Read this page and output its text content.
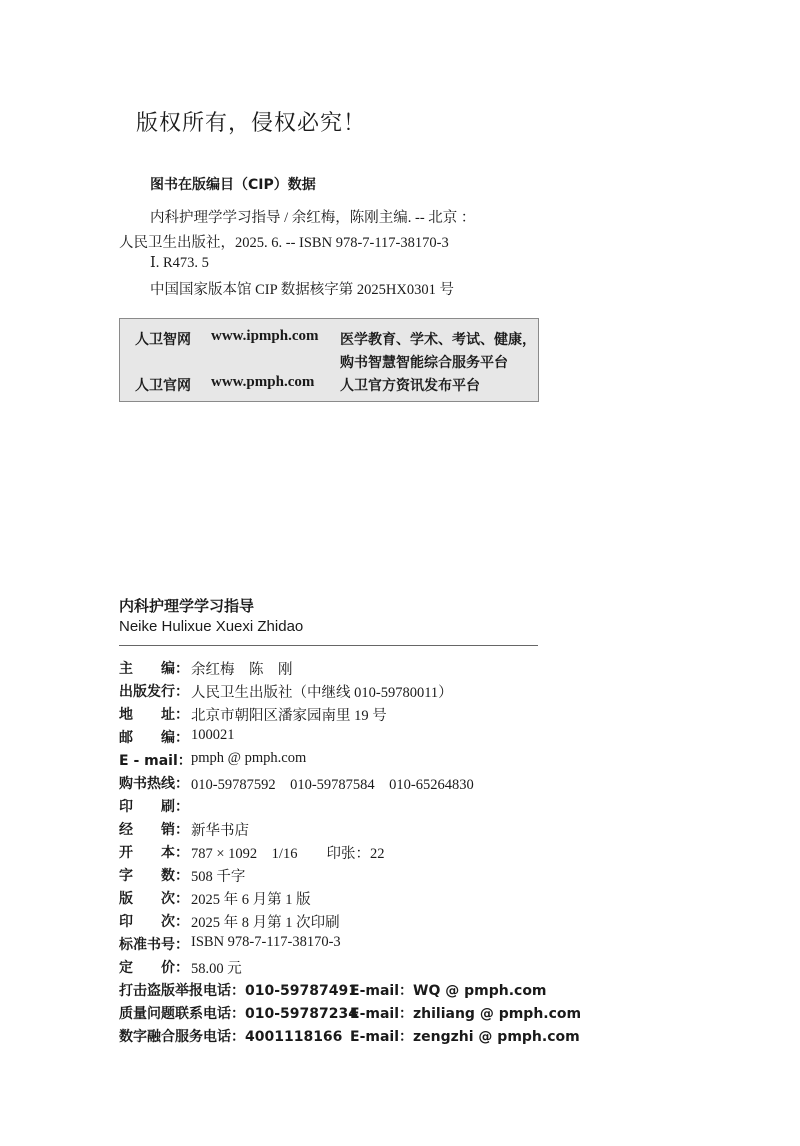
版权所有，侵权必究！
图书在版编目（CIP）数据
内科护理学学习指导 / 余红梅，陈刚主编. -- 北京 ：
人民卫生出版社，2025. 6. -- ISBN 978-7-117-38170-3
Ⅰ. R473. 5
中国国家版本馆 CIP 数据核字第 2025HX0301 号
人卫智网 www.ipmph.com 医学教育、学术、考试、健康，
购书智慧智能综合服务平台
人卫官网 www.pmph.com 人卫官方资讯发布平台
内科护理学学习指导
Neike Hulixue Xuexi Zhidao
主　　编： 余红梅　陈　刚
出版发行： 人民卫生出版社（中继线 010-59780011）
地　　址： 北京市朝阳区潘家园南里 19 号
邮　　编： 100021
E - mail： pmph @ pmph.com
购书热线： 010-59787592　010-59787584　010-65264830
印　　刷：
经　　销： 新华书店
开　　本： 787 × 1092　1/16　　印张：22
字　　数： 508 千字
版　　次： 2025 年 6 月第 1 版
印　　次： 2025 年 8 月第 1 次印刷
标准书号： ISBN 978-7-117-38170-3
定　　价： 58.00 元
打击盗版举报电话：010-59787491
E-mail：WQ @ pmph.com
质量问题联系电话：010-59787234
E-mail：zhiliang @ pmph.com
数字融合服务电话：4001118166 E-mail：zengzhi @ pmph.com
